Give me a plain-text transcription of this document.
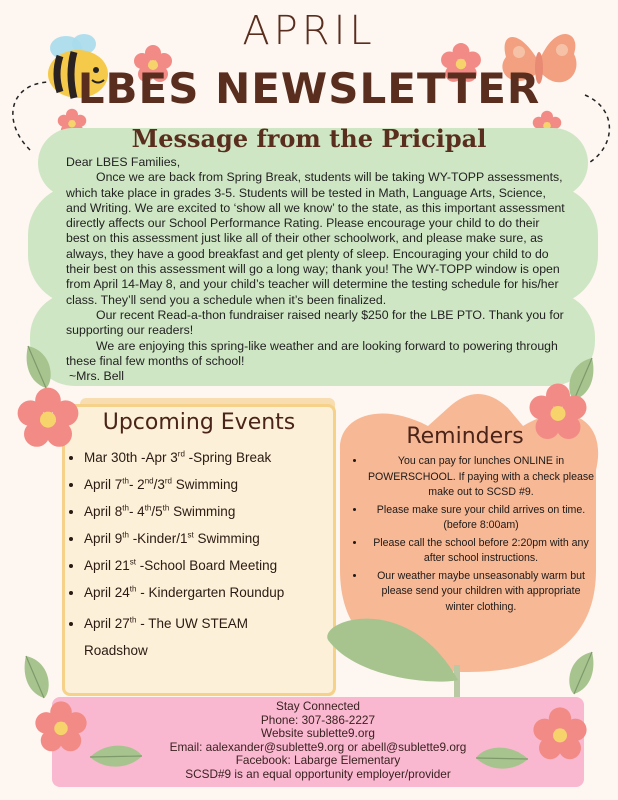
APRIL
LBES NEWSLETTER
Message from the Pricipal

Dear LBES Families,

Once we are back from Spring Break, students will be taking WY-TOPP assessments, which take place in grades 3-5. Students will be tested in Math, Language Arts, Science, and Writing. We are excited to ‘show all we know’ to the state, as this important assessment directly affects our School Performance Rating. Please encourage your child to do their best on this assessment just like all of their other schoolwork, and please make sure, as always, they have a good breakfast and get plenty of sleep. Encouraging your child to do their best on this assessment will go a long way; thank you! The WY-TOPP window is open from April 14-May 8, and your child’s teacher will determine the testing schedule for his/her class. They’ll send you a schedule when it’s been finalized.

Our recent Read-a-thon fundraiser raised nearly $250 for the LBE PTO. Thank you for supporting our readers!

We are enjoying this spring-like weather and are looking forward to powering through these final few months of school!

~Mrs. Bell

Upcoming Events
• Mar 30th -Apr 3rd -Spring Break
• April 7th- 2nd/3rd Swimming
• April 8th- 4th/5th Swimming
• April 9th -Kinder/1st Swimming
• April 21st -School Board Meeting
• April 24th - Kindergarten Roundup
• April 27th - The UW STEAM Roadshow
Reminders
• You can pay for lunches ONLINE in POWERSCHOOL. If paying with a check please make out to SCSD #9.
• Please make sure your child arrives on time. (before 8:00am)
• Please call the school before 2:20pm with any after school instructions.
• Our weather maybe unseasonably warm but please send your children with appropriate winter clothing.
Stay Connected
Phone: 307-386-2227
Website sublette9.org
Email: aalexander@sublette9.org or abell@sublette9.org
Facebook: Labarge Elementary
SCSD#9 is an equal opportunity employer/provider
